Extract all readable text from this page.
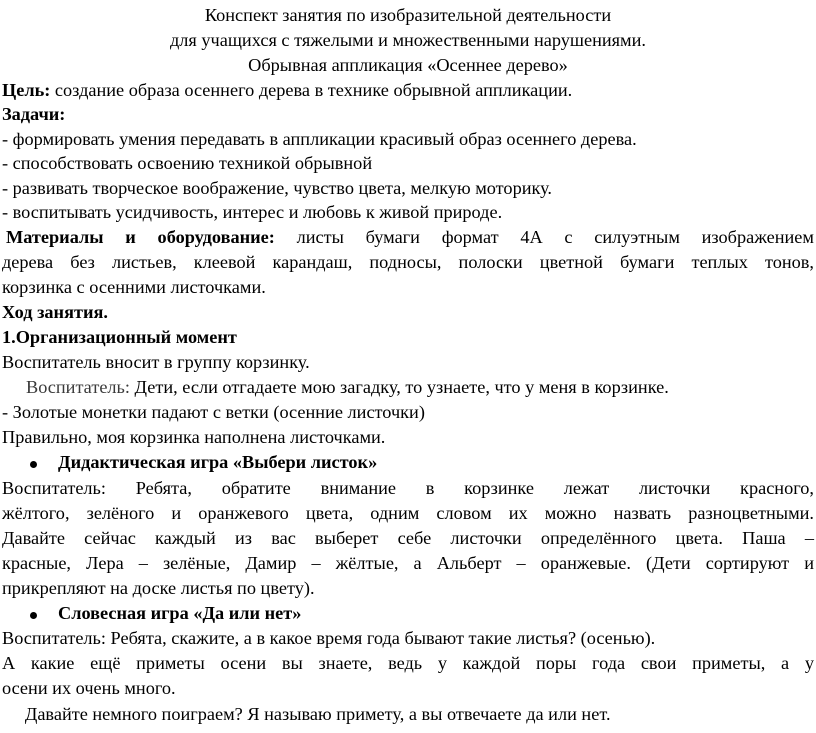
Конспект занятия по изобразительной деятельности
для учащихся с тяжелыми и множественными нарушениями.
Обрывная аппликация «Осеннее дерево»
Цель: создание образа осеннего дерева в технике обрывной аппликации.
Задачи:
- формировать умения передавать в аппликации красивый образ осеннего дерева.
- способствовать освоению техникой обрывной
- развивать творческое воображение, чувство цвета, мелкую моторику.
- воспитывать усидчивость, интерес и любовь к живой природе.
Материалы и оборудование: листы бумаги формат 4А с силуэтным изображением
дерева без листьев, клеевой карандаш, подносы, полоски цветной бумаги теплых тонов,
корзинка с осенними листочками.
Ход занятия.
1.Организационный момент
Воспитатель вносит в группу корзинку.
Воспитатель: Дети, если отгадаете мою загадку, то узнаете, что у меня в корзинке.
- Золотые монетки падают с ветки (осенние листочки)
Правильно, моя корзинка наполнена листочками.
Дидактическая игра «Выбери листок»
Воспитатель: Ребята, обратите внимание в корзинке лежат листочки красного,
жёлтого, зелёного и оранжевого цвета, одним словом их можно назвать разноцветными.
Давайте сейчас каждый из вас выберет себе листочки определённого цвета. Паша –
красные, Лера – зелёные, Дамир – жёлтые, а Альберт – оранжевые. (Дети сортируют и
прикрепляют на доске листья по цвету).
Словесная игра «Да или нет»
Воспитатель: Ребята, скажите, а в какое время года бывают такие листья? (осенью).
А какие ещё приметы осени вы знаете, ведь у каждой поры года свои приметы, а у
осени их очень много.
Давайте немного поиграем? Я называю примету, а вы отвечаете да или нет.
